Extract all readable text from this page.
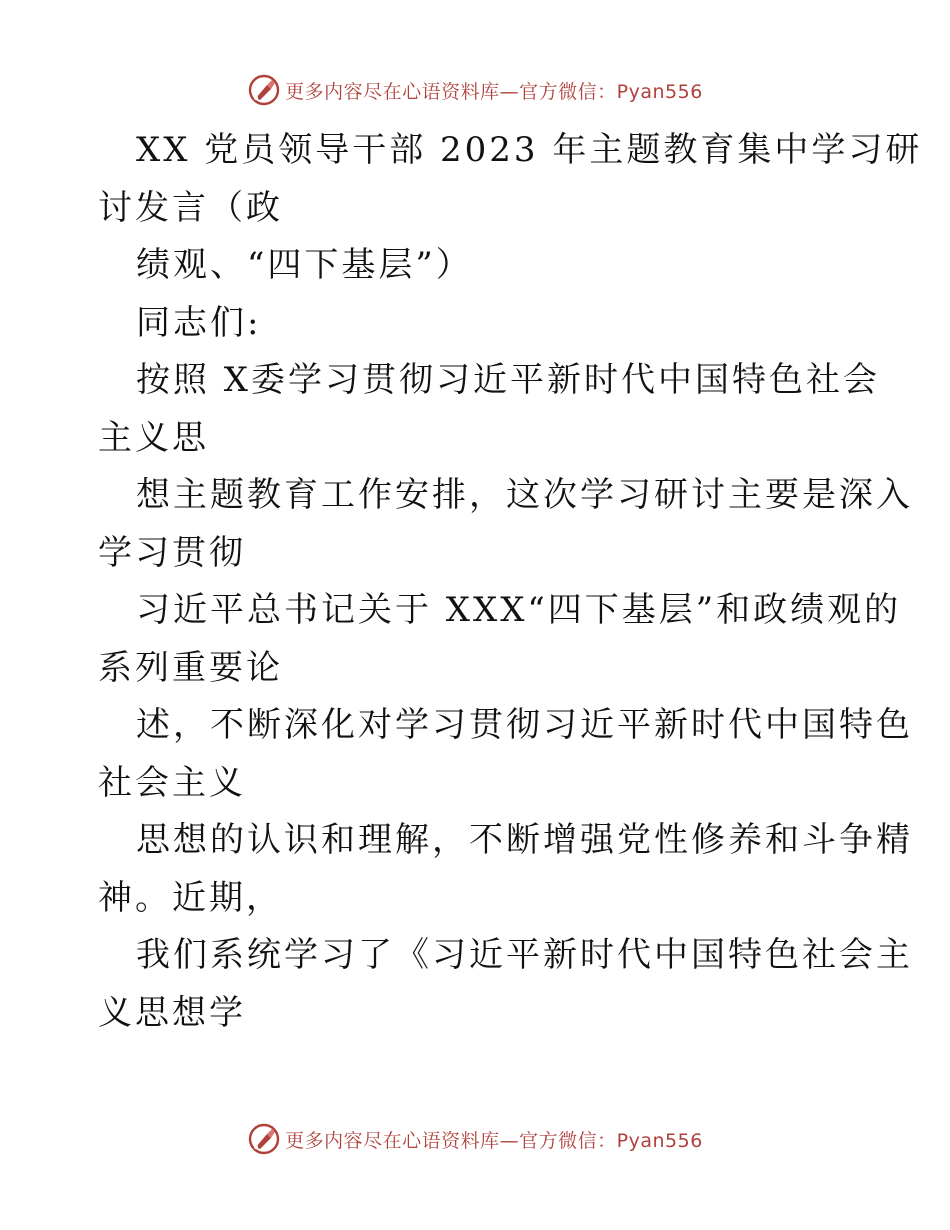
更多内容尽在心语资料库—官方微信：Pyan556
XX 党员领导干部 2023 年主题教育集中学习研
讨发言（政
绩观、“四下基层”）
同志们:
按照 X委学习贯彻习近平新时代中国特色社会
主义思
想主题教育工作安排，这次学习研讨主要是深入
学习贯彻
习近平总书记关于 XXX“四下基层”和政绩观的
系列重要论
述，不断深化对学习贯彻习近平新时代中国特色
社会主义
思想的认识和理解，不断增强党性修养和斗争精
神。近期，
我们系统学习了《习近平新时代中国特色社会主
义思想学
更多内容尽在心语资料库—官方微信：Pyan556
